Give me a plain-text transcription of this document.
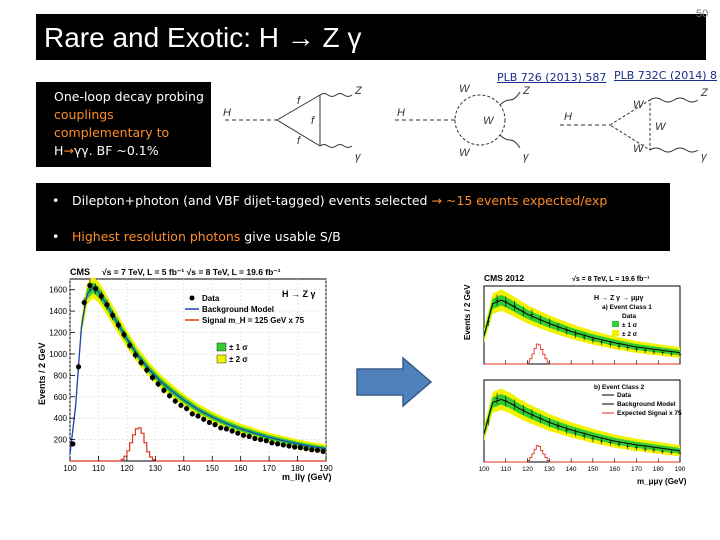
Rare and Exotic: H → Z γ
50
PLB 726 (2013) 587 PLB 732C (2014) 8
• One-loop decay probing couplings complementary to
H→γγ. BF ~0.1%
H
f
f
f
Z
γ
H
W
W
W
Z
γ
H
W
W
W
Z
γ
• Dilepton+photon (and VBF dijet-tagged) events selected → ~15 events expected/exp
• Highest resolution photons give usable S/B
100 110 120 130 140 150 160 170 180 190
200
400
600
800
1000
1200
1400
1600
CMS √s = 7 TeV, L = 5 fb⁻¹ √s = 8 TeV, L = 19.6 fb⁻¹
H → Z γ
Data
Background Model
Signal m_H = 125 GeV x 75
± 1 σ
± 2 σ
m_llγ (GeV)
Events / 2 GeV
100 110 120 130 140 150 160 170 180 190
CMS 2012	√s = 8 TeV, L = 19.6 fb⁻¹
H → Z γ → μμγ
a) Event Class 1
Data
± 1 σ
± 2 σ
b) Event Class 2
Data
Background Model
Expected Signal x 75
m_μμγ (GeV)
Events / 2 GeV
